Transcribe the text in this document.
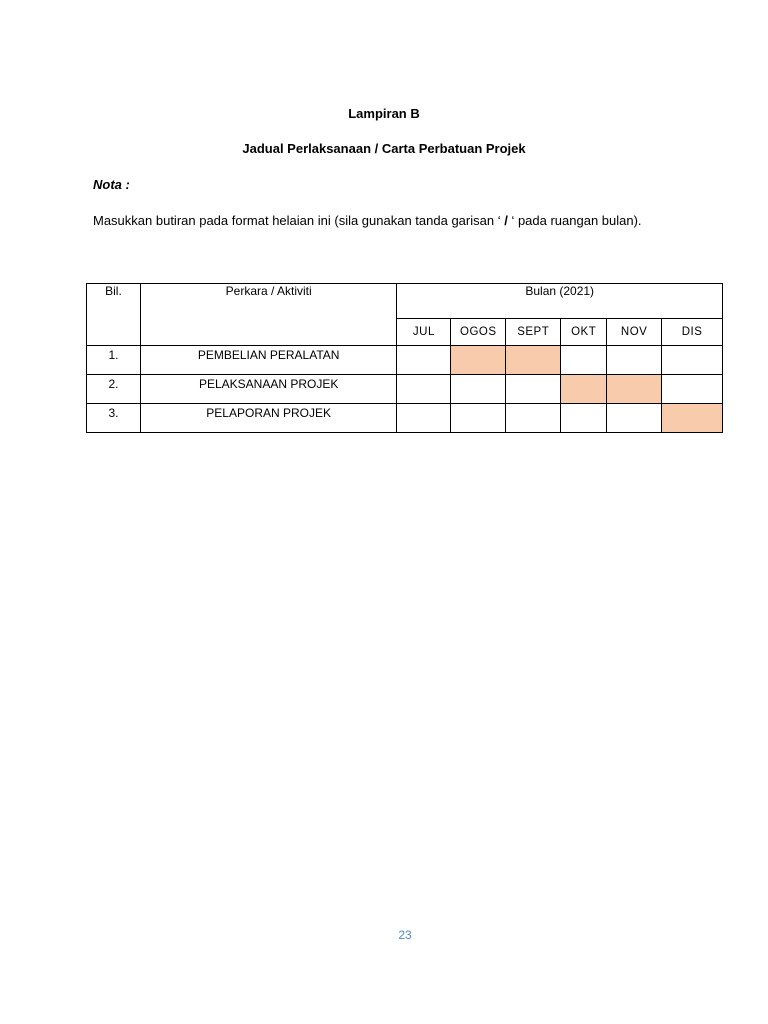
Lampiran B
Jadual Perlaksanaan / Carta Perbatuan Projek
Nota :
Masukkan butiran pada format helaian ini (sila gunakan tanda garisan ‘ / ‘ pada ruangan bulan).
Bil.	Perkara / Aktiviti	Bulan (2021)					
		JUL	OGOS	SEPT	OKT	NOV	DIS
1.	PEMBELIAN PERALATAN						
2.	PELAKSANAAN PROJEK						
3.	PELAPORAN PROJEK						
23
